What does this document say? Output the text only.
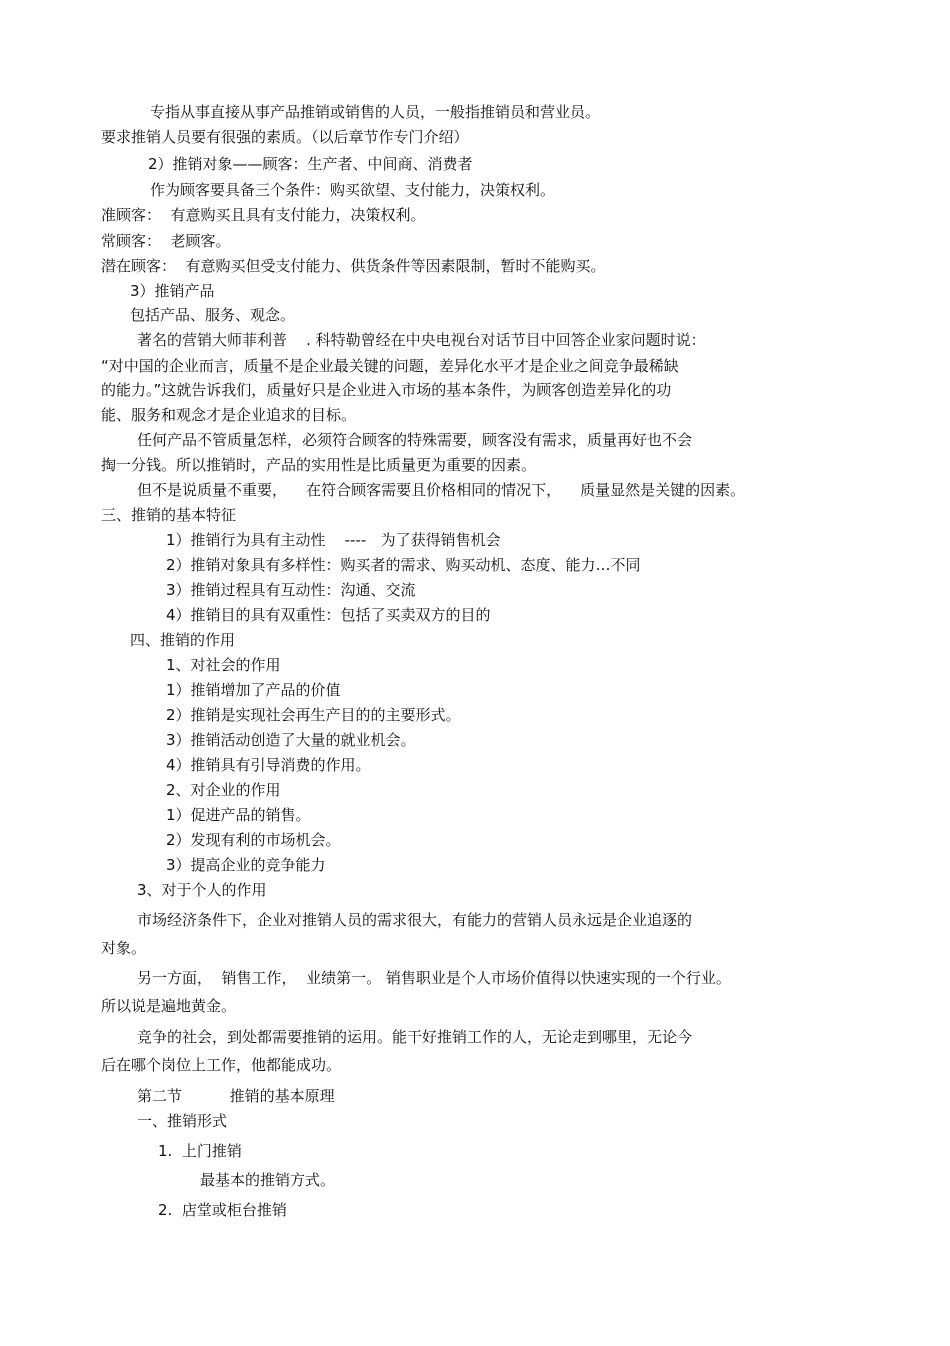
专指从事直接从事产品推销或销售的人员，一般指推销员和营业员。
要求推销人员要有很强的素质。（以后章节作专门介绍）
2）推销对象——顾客：生产者、中间商、消费者
作为顾客要具备三个条件：购买欲望、支付能力，决策权利。
准顾客：  有意购买且具有支付能力，决策权利。
常顾客：  老顾客。
潜在顾客：  有意购买但受支付能力、供货条件等因素限制，暂时不能购买。
3）推销产品
包括产品、服务、观念。
著名的营销大师菲利普    . 科特勒曾经在中央电视台对话节目中回答企业家问题时说：
“对中国的企业而言，质量不是企业最关键的问题，差异化水平才是企业之间竞争最稀缺
的能力。”这就告诉我们，质量好只是企业进入市场的基本条件，为顾客创造差异化的功
能、服务和观念才是企业追求的目标。
任何产品不管质量怎样，必须符合顾客的特殊需要，顾客没有需求，质量再好也不会
掏一分钱。所以推销时，产品的实用性是比质量更为重要的因素。
但不是说质量不重要，    在符合顾客需要且价格相同的情况下，    质量显然是关键的因素。
三、推销的基本特征
1）推销行为具有主动性    ----   为了获得销售机会
2）推销对象具有多样性：购买者的需求、购买动机、态度、能力…不同
3）推销过程具有互动性：沟通、交流
4）推销目的具有双重性：包括了买卖双方的目的
四、推销的作用
1、对社会的作用
1）推销增加了产品的价值
2）推销是实现社会再生产目的的主要形式。
3）推销活动创造了大量的就业机会。
4）推销具有引导消费的作用。
2、对企业的作用
1）促进产品的销售。
2）发现有利的市场机会。
3）提高企业的竞争能力
3、对于个人的作用
市场经济条件下，企业对推销人员的需求很大，有能力的营销人员永远是企业追逐的
对象。
另一方面，  销售工作，  业绩第一。 销售职业是个人市场价值得以快速实现的一个行业。
所以说是遍地黄金。
竞争的社会，到处都需要推销的运用。能干好推销工作的人，无论走到哪里，无论今
后在哪个岗位上工作，他都能成功。
第二节          推销的基本原理
一、推销形式
1.  上门推销
最基本的推销方式。
2.  店堂或柜台推销
